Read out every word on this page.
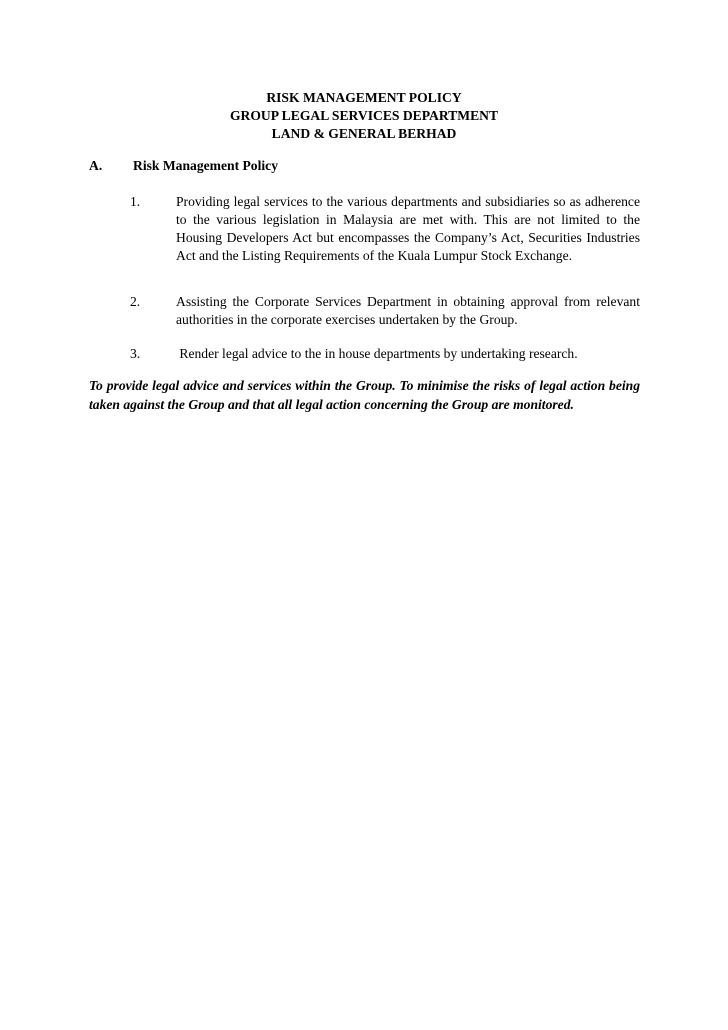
RISK MANAGEMENT POLICY
GROUP LEGAL SERVICES DEPARTMENT
LAND & GENERAL BERHAD
A. Risk Management Policy
1.	Providing legal services to the various departments and subsidiaries so as adherence to the various legislation in Malaysia are met with. This are not limited to the Housing Developers Act but encompasses the Company’s Act, Securities Industries Act and the Listing Requirements of the Kuala Lumpur Stock Exchange.
2.	Assisting the Corporate Services Department in obtaining approval from relevant authorities in the corporate exercises undertaken by the Group.
3.	Render legal advice to the in house departments by undertaking research.

To provide legal advice and services within the Group. To minimise the risks of legal action being taken against the Group and that all legal action concerning the Group are monitored.
